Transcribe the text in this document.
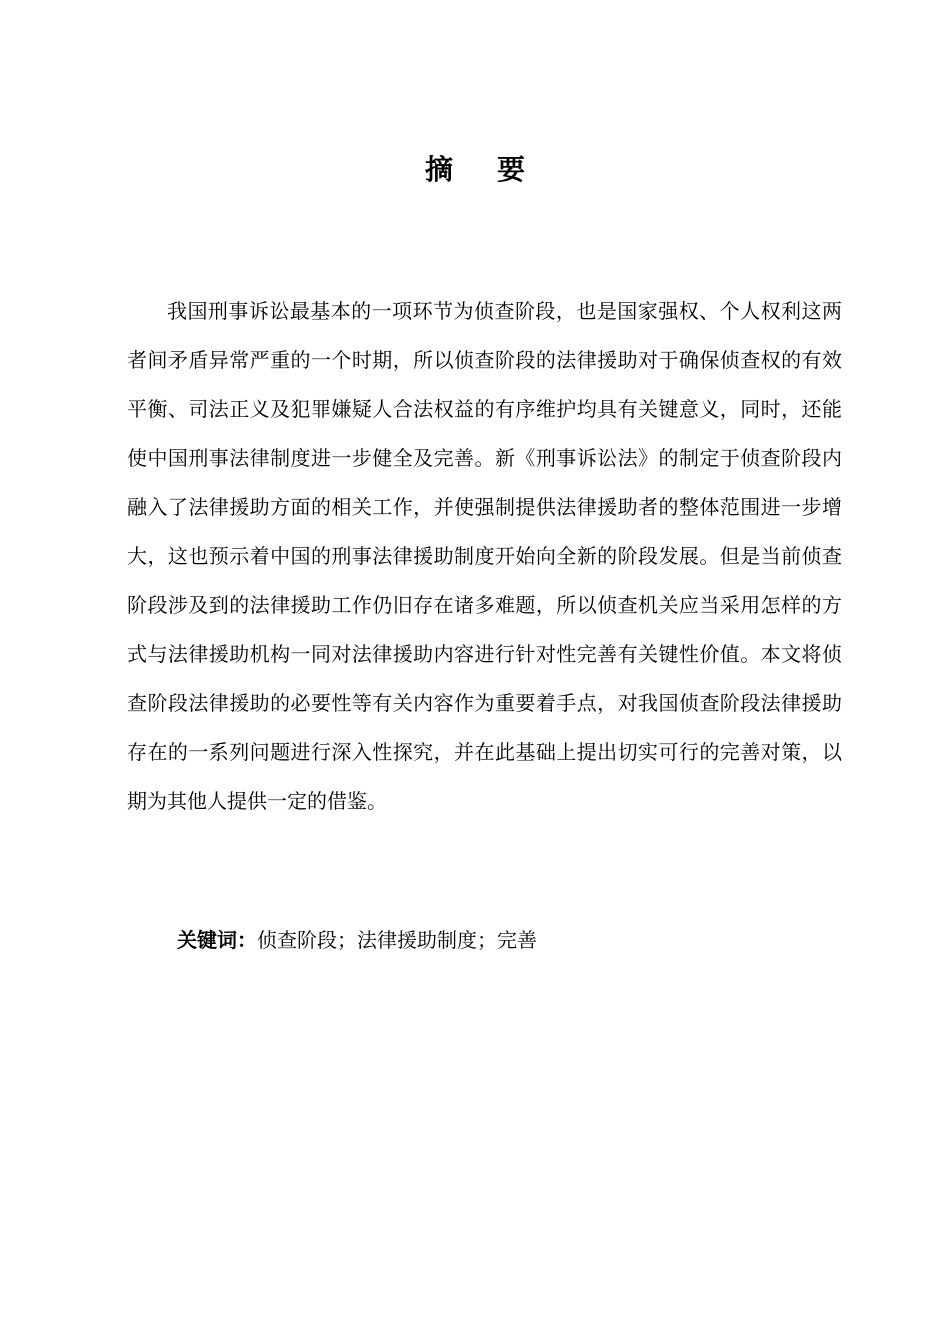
摘 要

我国刑事诉讼最基本的一项环节为侦查阶段，也是国家强权、个人权利这两者间矛盾异常严重的一个时期，所以侦查阶段的法律援助对于确保侦查权的有效平衡、司法正义及犯罪嫌疑人合法权益的有序维护均具有关键意义，同时，还能使中国刑事法律制度进一步健全及完善。新《刑事诉讼法》的制定于侦查阶段内融入了法律援助方面的相关工作，并使强制提供法律援助者的整体范围进一步增大，这也预示着中国的刑事法律援助制度开始向全新的阶段发展。但是当前侦查阶段涉及到的法律援助工作仍旧存在诸多难题，所以侦查机关应当采用怎样的方式与法律援助机构一同对法律援助内容进行针对性完善有关键性价值。本文将侦查阶段法律援助的必要性等有关内容作为重要着手点，对我国侦查阶段法律援助存在的一系列问题进行深入性探究，并在此基础上提出切实可行的完善对策，以期为其他人提供一定的借鉴。

关键词：侦查阶段；法律援助制度；完善
